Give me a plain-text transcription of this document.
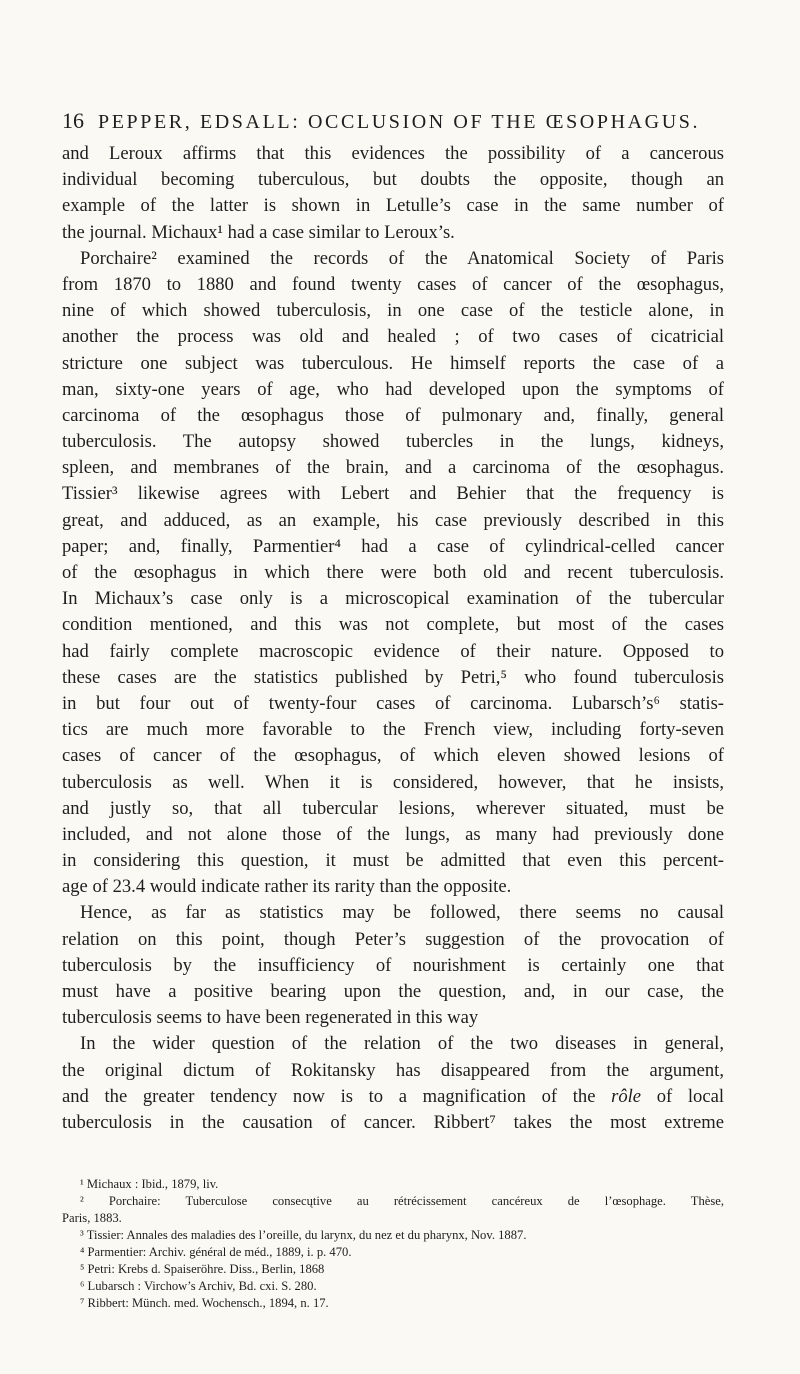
16 PEPPER, EDSALL: OCCLUSION OF THE ŒSOPHAGUS.
and Leroux affirms that this evidences the possibility of a cancerous
individual becoming tuberculous, but doubts the opposite, though an
example of the latter is shown in Letulle’s case in the same number of
the journal. Michaux¹ had a case similar to Leroux’s.
Porchaire² examined the records of the Anatomical Society of Paris
from 1870 to 1880 and found twenty cases of cancer of the œsophagus,
nine of which showed tuberculosis, in one case of the testicle alone, in
another the process was old and healed ; of two cases of cicatricial
stricture one subject was tuberculous. He himself reports the case of a
man, sixty-one years of age, who had developed upon the symptoms of
carcinoma of the œsophagus those of pulmonary and, finally, general
tuberculosis. The autopsy showed tubercles in the lungs, kidneys,
spleen, and membranes of the brain, and a carcinoma of the œsophagus.
Tissier³ likewise agrees with Lebert and Behier that the frequency is
great, and adduced, as an example, his case previously described in this
paper; and, finally, Parmentier⁴ had a case of cylindrical-celled cancer
of the œsophagus in which there were both old and recent tuberculosis.
In Michaux’s case only is a microscopical examination of the tubercular
condition mentioned, and this was not complete, but most of the cases
had fairly complete macroscopic evidence of their nature. Opposed to
these cases are the statistics published by Petri,⁵ who found tuberculosis
in but four out of twenty-four cases of carcinoma. Lubarsch’s⁶ statis-
tics are much more favorable to the French view, including forty-seven
cases of cancer of the œsophagus, of which eleven showed lesions of
tuberculosis as well. When it is considered, however, that he insists,
and justly so, that all tubercular lesions, wherever situated, must be
included, and not alone those of the lungs, as many had previously done
in considering this question, it must be admitted that even this percent-
age of 23.4 would indicate rather its rarity than the opposite.
Hence, as far as statistics may be followed, there seems no causal
relation on this point, though Peter’s suggestion of the provocation of
tuberculosis by the insufficiency of nourishment is certainly one that
must have a positive bearing upon the question, and, in our case, the
tuberculosis seems to have been regenerated in this way
In the wider question of the relation of the two diseases in general,
the original dictum of Rokitansky has disappeared from the argument,
and the greater tendency now is to a magnification of the rôle of local
tuberculosis in the causation of cancer. Ribbert⁷ takes the most extreme
¹ Michaux : Ibid., 1879, liv.
² Porchaire: Tuberculose consecųtive au rétrécissement cancéreux de l’œsophage. Thèse,
Paris, 1883.
³ Tissier: Annales des maladies des l’oreille, du larynx, du nez et du pharynx, Nov. 1887.
⁴ Parmentier: Archiv. général de méd., 1889, i. p. 470.
⁵ Petri: Krebs d. Spaiseröhre. Diss., Berlin, 1868
⁶ Lubarsch : Virchow’s Archiv, Bd. cxi. S. 280.
⁷ Ribbert: Münch. med. Wochensch., 1894, n. 17.
